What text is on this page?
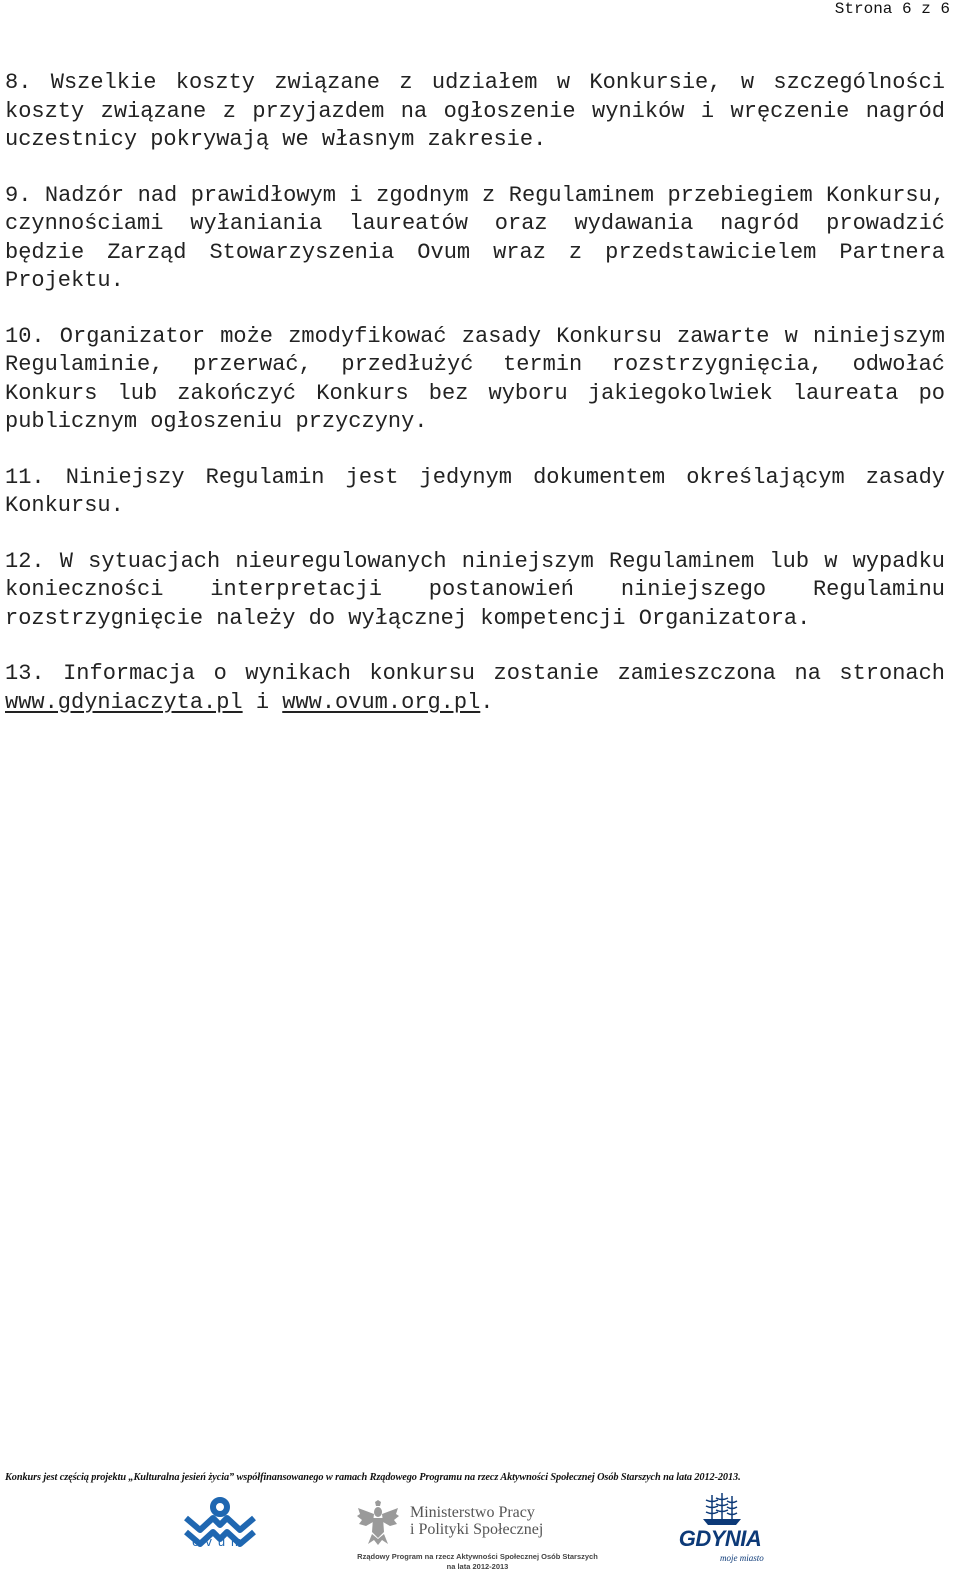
Strona 6 z 6

8. Wszelkie koszty związane z udziałem w Konkursie, w szczególności koszty związane z przyjazdem na ogłoszenie wyników i wręczenie nagród uczestnicy pokrywają we własnym zakresie.

9. Nadzór nad prawidłowym i zgodnym z Regulaminem przebiegiem Konkursu, czynnościami wyłaniania laureatów oraz wydawania nagród prowadzić będzie Zarząd Stowarzyszenia Ovum wraz z przedstawicielem Partnera Projektu.

10. Organizator może zmodyfikować zasady Konkursu zawarte w niniejszym Regulaminie, przerwać, przedłużyć termin rozstrzygnięcia, odwołać Konkurs lub zakończyć Konkurs bez wyboru jakiegokolwiek laureata po publicznym ogłoszeniu przyczyny.

11. Niniejszy Regulamin jest jedynym dokumentem określającym zasady Konkursu.

12. W sytuacjach nieuregulowanych niniejszym Regulaminem lub w wypadku konieczności interpretacji postanowień niniejszego Regulaminu rozstrzygnięcie należy do wyłącznej kompetencji Organizatora.

13. Informacja o wynikach konkursu zostanie zamieszczona na stronach www.gdyniaczyta.pl i www.ovum.org.pl.

Konkurs jest częścią projektu „Kulturalna jesień życia” współfinansowanego w ramach Rządowego Programu na rzecz Aktywności Społecznej Osób Starszych na lata 2012-2013.
ovum
Ministerstwo Pracy
i Polityki Społecznej
Rządowy Program na rzecz Aktywności Społecznej Osób Starszych
na lata 2012-2013
GDYNIA
moje miasto
